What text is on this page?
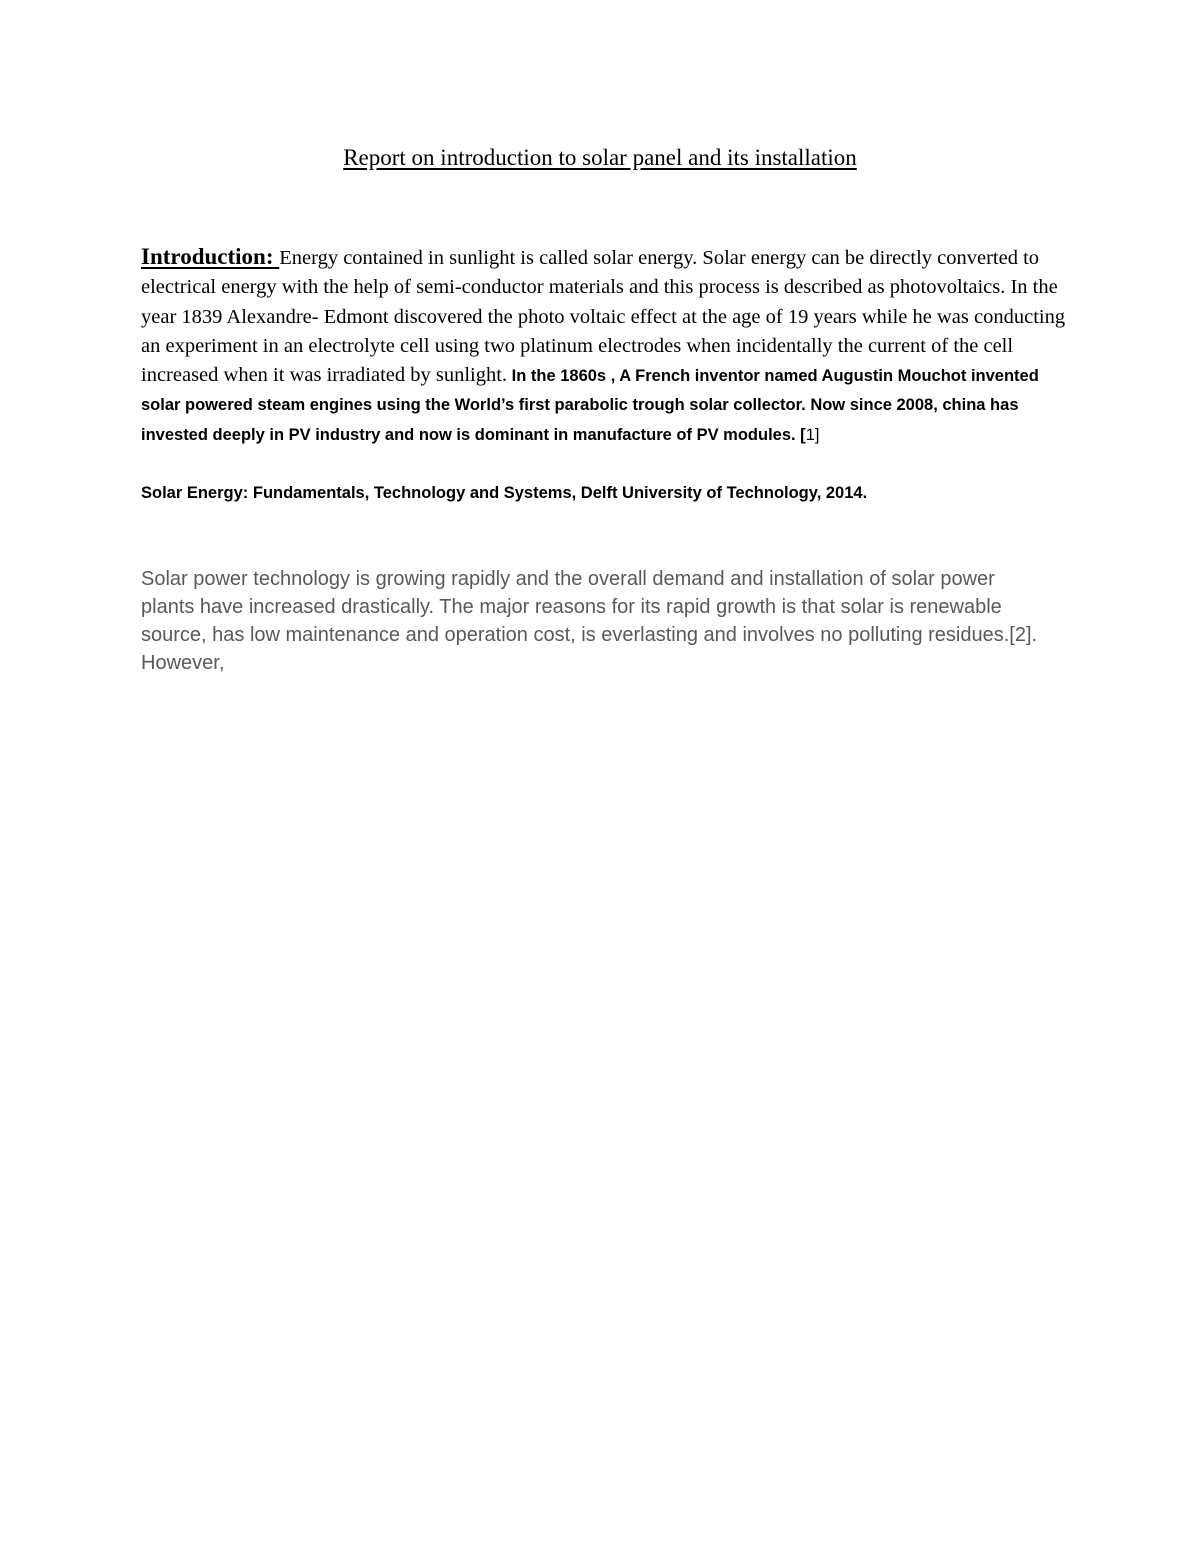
Report on introduction to solar panel and its installation

Introduction: Energy contained in sunlight is called solar energy. Solar energy can be directly converted to electrical energy with the help of semi-conductor materials and this process is described as photovoltaics. In the year 1839 Alexandre- Edmont discovered the photo voltaic effect at the age of 19 years while he was conducting an experiment in an electrolyte cell using two platinum electrodes when incidentally the current of the cell increased when it was irradiated by sunlight. In the 1860s , A French inventor named Augustin Mouchot invented solar powered steam engines using the World’s first parabolic trough solar collector. Now since 2008, china has invested deeply in PV industry and now is dominant in manufacture of PV modules. [1]

Solar Energy: Fundamentals, Technology and Systems, Delft University of Technology, 2014.

Solar power technology is growing rapidly and the overall demand and installation of solar power plants have increased drastically. The major reasons for its rapid growth is that solar is renewable source, has low maintenance and operation cost, is everlasting and involves no polluting residues.[2]. However,
